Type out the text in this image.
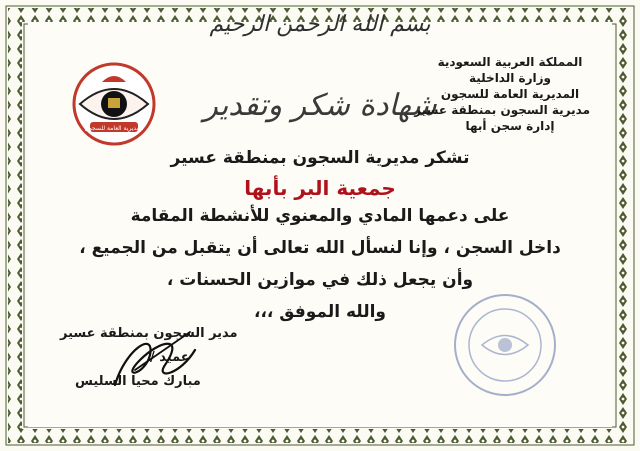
بسم الله الرحمن الرحيم
المديرية العامة للسجون
شهادة شكر وتقدير
المملكة العربية السعودية
وزارة الداخلية
المديرية العامة للسجون
مديرية السجون بمنطقة عسير
إدارة سجن أبها
تشكر مديرية السجون بمنطقة عسير
جمعية البر بأبها
على دعمها المادي والمعنوي للأنشطة المقامة
داخل السجن ، وإنا لنسأل الله تعالى أن يتقبل من الجميع ،
وأن يجعل ذلك في موازين الحسنات ،
والله الموفق ،،،
مدير السجون بمنطقة عسير
عميد /
مبارك محيا السليس
